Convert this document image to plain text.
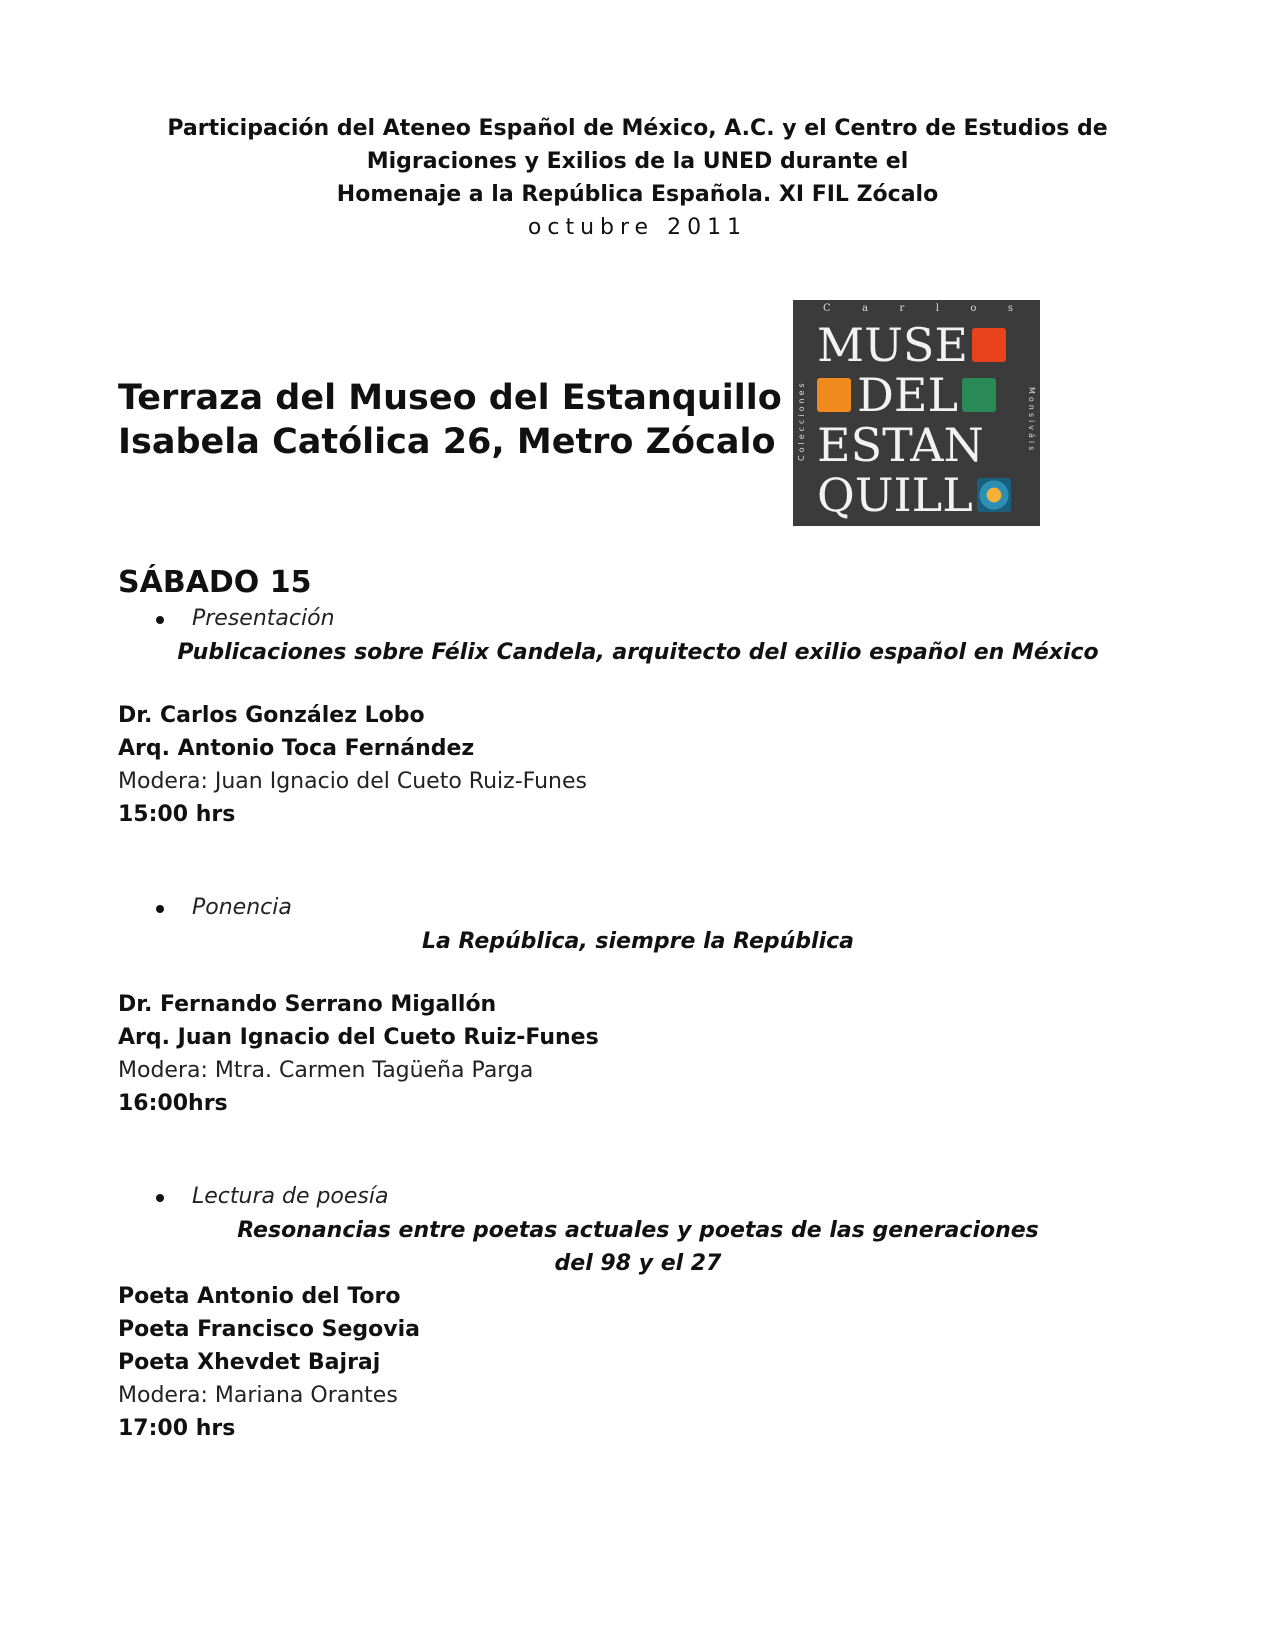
Participación del Ateneo Español de México, A.C. y el Centro de Estudios de
Migraciones y Exilios de la UNED durante el
Homenaje a la República Española. XI FIL Zócalo
octubre 2011
Terraza del Museo del Estanquillo
Isabela Católica 26, Metro Zócalo
C	a	r	l	o	s
Colecciones	Monsiváis
MUSE
DEL
ESTAN
QUILL
SÁBADO 15
Presentación
Publicaciones sobre Félix Candela, arquitecto del exilio español en México
Dr. Carlos González Lobo
Arq. Antonio Toca Fernández
Modera: Juan Ignacio del Cueto Ruiz-Funes
15:00 hrs
Ponencia
La República, siempre la República
Dr. Fernando Serrano Migallón
Arq. Juan Ignacio del Cueto Ruiz-Funes
Modera: Mtra. Carmen Tagüeña Parga
16:00hrs
Lectura de poesía
Resonancias entre poetas actuales y poetas de las generaciones
del 98 y el 27
Poeta Antonio del Toro
Poeta Francisco Segovia
Poeta Xhevdet Bajraj
Modera: Mariana Orantes
17:00 hrs
